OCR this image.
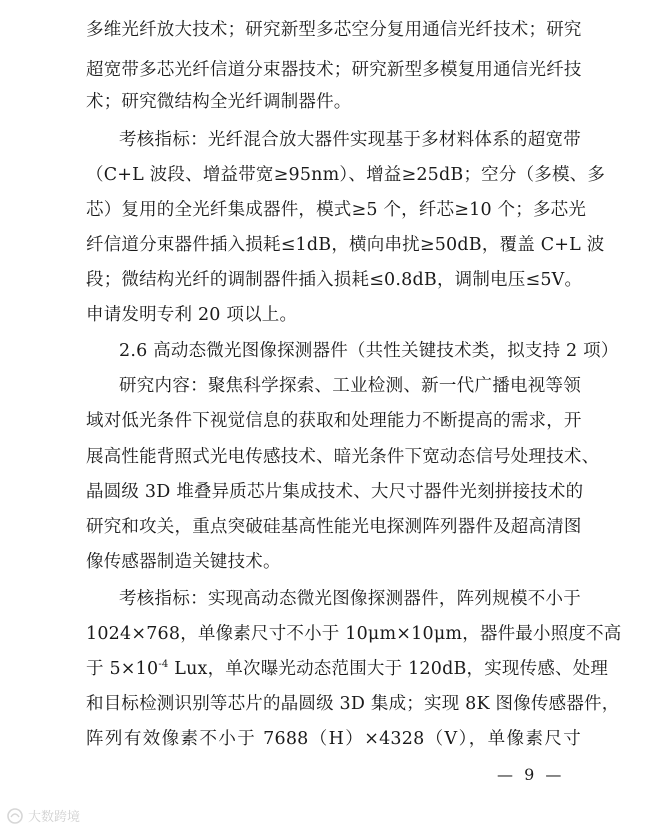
多维光纤放大技术；研究新型多芯空分复用通信光纤技术；研究
超宽带多芯光纤信道分束器技术；研究新型多模复用通信光纤技
术；研究微结构全光纤调制器件。
考核指标：光纤混合放大器件实现基于多材料体系的超宽带
（C+L 波段、增益带宽≥95nm）、增益≥25dB；空分（多模、多
芯）复用的全光纤集成器件，模式≥5 个，纤芯≥10 个；多芯光
纤信道分束器件插入损耗≤1dB，横向串扰≥50dB，覆盖 C+L 波
段；微结构光纤的调制器件插入损耗≤0.8dB，调制电压≤5V。
申请发明专利 20 项以上。
2.6 高动态微光图像探测器件（共性关键技术类，拟支持 2 项）
研究内容：聚焦科学探索、工业检测、新一代广播电视等领
域对低光条件下视觉信息的获取和处理能力不断提高的需求，开
展高性能背照式光电传感技术、暗光条件下宽动态信号处理技术、
晶圆级 3D 堆叠异质芯片集成技术、大尺寸器件光刻拼接技术的
研究和攻关，重点突破硅基高性能光电探测阵列器件及超高清图
像传感器制造关键技术。
考核指标：实现高动态微光图像探测器件，阵列规模不小于
1024×768，单像素尺寸不小于 10μm×10μm，器件最小照度不高
于 $5\times 10^{-4}$ Lux，单次曝光动态范围大于 120dB，实现传感、处理
和目标检测识别等芯片的晶圆级 3D 集成；实现 8K 图像传感器件，
阵列有效像素不小于 7688（H）×4328（V），单像素尺寸
— 9 —
大数跨境
